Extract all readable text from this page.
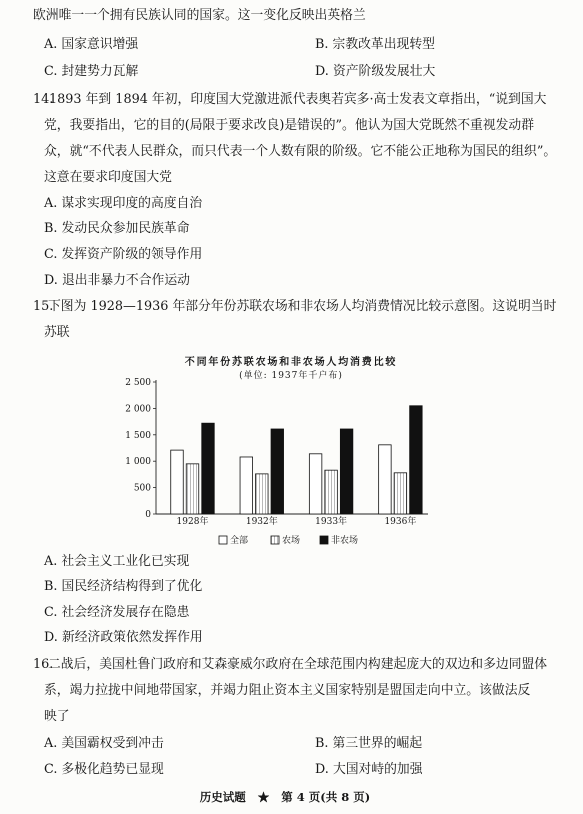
欧洲唯一一个拥有民族认同的国家。这一变化反映出英格兰
A. 国家意识增强	B. 宗教改革出现转型
C. 封建势力瓦解	D. 资产阶级发展壮大
14.
1893 年到 1894 年初，印度国大党激进派代表奥若宾多·高士发表文章指出，“说到国大
党，我要指出，它的目的(局限于要求改良)是错误的”。他认为国大党既然不重视发动群
众，就“不代表人民群众，而只代表一个人数有限的阶级。它不能公正地称为国民的组织”。
这意在要求印度国大党
A. 谋求实现印度的高度自治
B. 发动民众参加民族革命
C. 发挥资产阶级的领导作用
D. 退出非暴力不合作运动
15.
下图为 1928—1936 年部分年份苏联农场和非农场人均消费情况比较示意图。这说明当时
苏联
不同年份苏联农场和非农场人均消费比较
(单位: 1937年千户布)
0
500
1 000
1 500
2 000
2 500
1928年	1932年	1933年	1936年
全部	农场	非农场
A. 社会主义工业化已实现
B. 国民经济结构得到了优化
C. 社会经济发展存在隐患
D. 新经济政策依然发挥作用
16.
二战后，美国杜鲁门政府和艾森豪威尔政府在全球范围内构建起庞大的双边和多边同盟体
系，竭力拉拢中间地带国家，并竭力阻止资本主义国家特别是盟国走向中立。该做法反
映了
A. 美国霸权受到冲击	B. 第三世界的崛起
C. 多极化趋势已显现	D. 大国对峙的加强
历史试题 ★ 第 4 页(共 8 页)
